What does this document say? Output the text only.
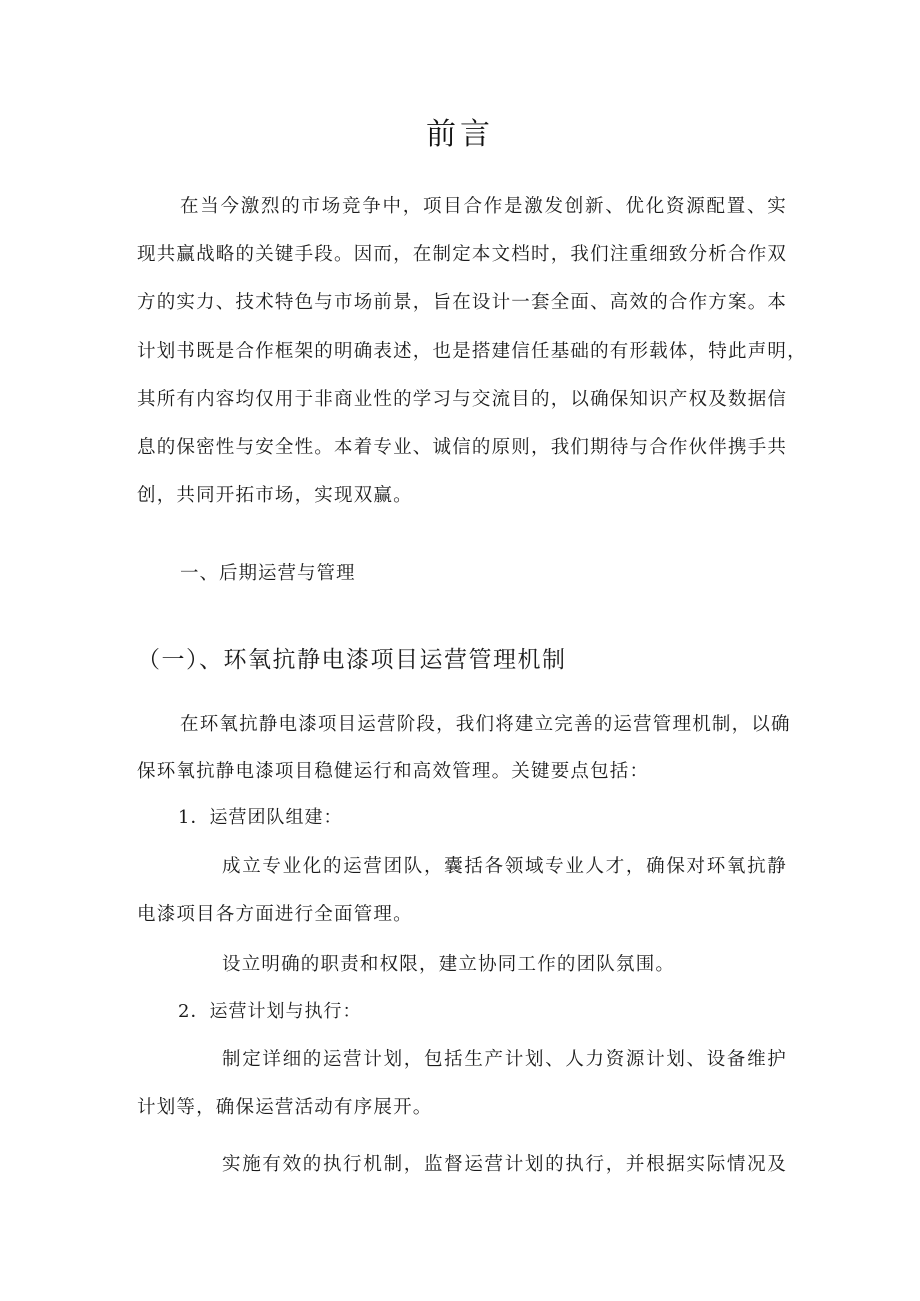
前言
在当今激烈的市场竞争中，项目合作是激发创新、优化资源配置、实
现共赢战略的关键手段。因而，在制定本文档时，我们注重细致分析合作双
方的实力、技术特色与市场前景，旨在设计一套全面、高效的合作方案。本
计划书既是合作框架的明确表述，也是搭建信任基础的有形载体，特此声明，
其所有内容均仅用于非商业性的学习与交流目的，以确保知识产权及数据信
息的保密性与安全性。本着专业、诚信的原则，我们期待与合作伙伴携手共
创，共同开拓市场，实现双赢。
一、后期运营与管理
（一）、环氧抗静电漆项目运营管理机制
在环氧抗静电漆项目运营阶段，我们将建立完善的运营管理机制，以确
保环氧抗静电漆项目稳健运行和高效管理。关键要点包括：
1．运营团队组建：
成立专业化的运营团队，囊括各领域专业人才，确保对环氧抗静
电漆项目各方面进行全面管理。
设立明确的职责和权限，建立协同工作的团队氛围。
2．运营计划与执行：
制定详细的运营计划，包括生产计划、人力资源计划、设备维护
计划等，确保运营活动有序展开。
实施有效的执行机制，监督运营计划的执行，并根据实际情况及
